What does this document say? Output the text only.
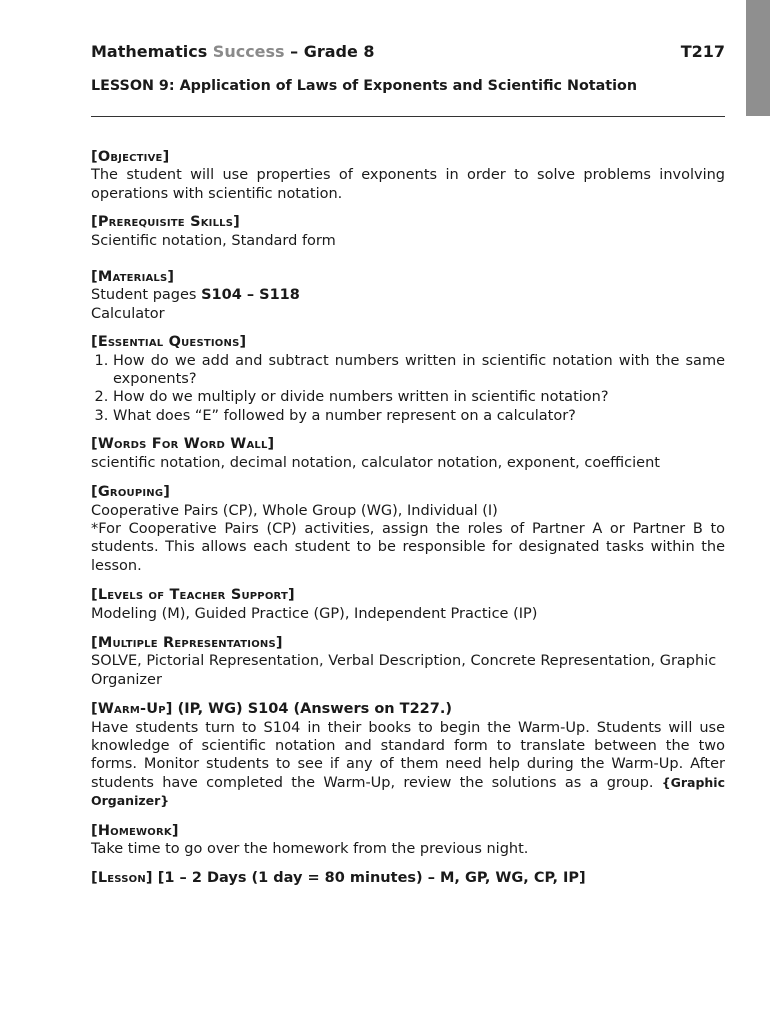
Mathematics Success – Grade 8	T217
LESSON 9: Application of Laws of Exponents and Scientific Notation
[Objective]

The student will use properties of exponents in order to solve problems involving operations with scientific notation.

[Prerequisite Skills]

Scientific notation, Standard form

[Materials]

Student pages S104 – S118

Calculator

[Essential Questions]
1. How do we add and subtract numbers written in scientific notation with the same exponents?
2. How do we multiply or divide numbers written in scientific notation?
3. What does “E” followed by a number represent on a calculator?
[Words For Word Wall]

scientific notation, decimal notation, calculator notation, exponent, coefficient

[Grouping]

Cooperative Pairs (CP), Whole Group (WG), Individual (I)

*For Cooperative Pairs (CP) activities, assign the roles of Partner A or Partner B to students. This allows each student to be responsible for designated tasks within the lesson.

[Levels of Teacher Support]

Modeling (M), Guided Practice (GP), Independent Practice (IP)

[Multiple Representations]

SOLVE, Pictorial Representation, Verbal Description, Concrete Representation, Graphic Organizer

[Warm-Up] (IP, WG) S104 (Answers on T227.)

Have students turn to S104 in their books to begin the Warm-Up. Students will use knowledge of scientific notation and standard form to translate between the two forms. Monitor students to see if any of them need help during the Warm-Up. After students have completed the Warm-Up, review the solutions as a group. {Graphic Organizer}

[Homework]

Take time to go over the homework from the previous night.

[Lesson] [1 – 2 Days (1 day = 80 minutes) – M, GP, WG, CP, IP]
